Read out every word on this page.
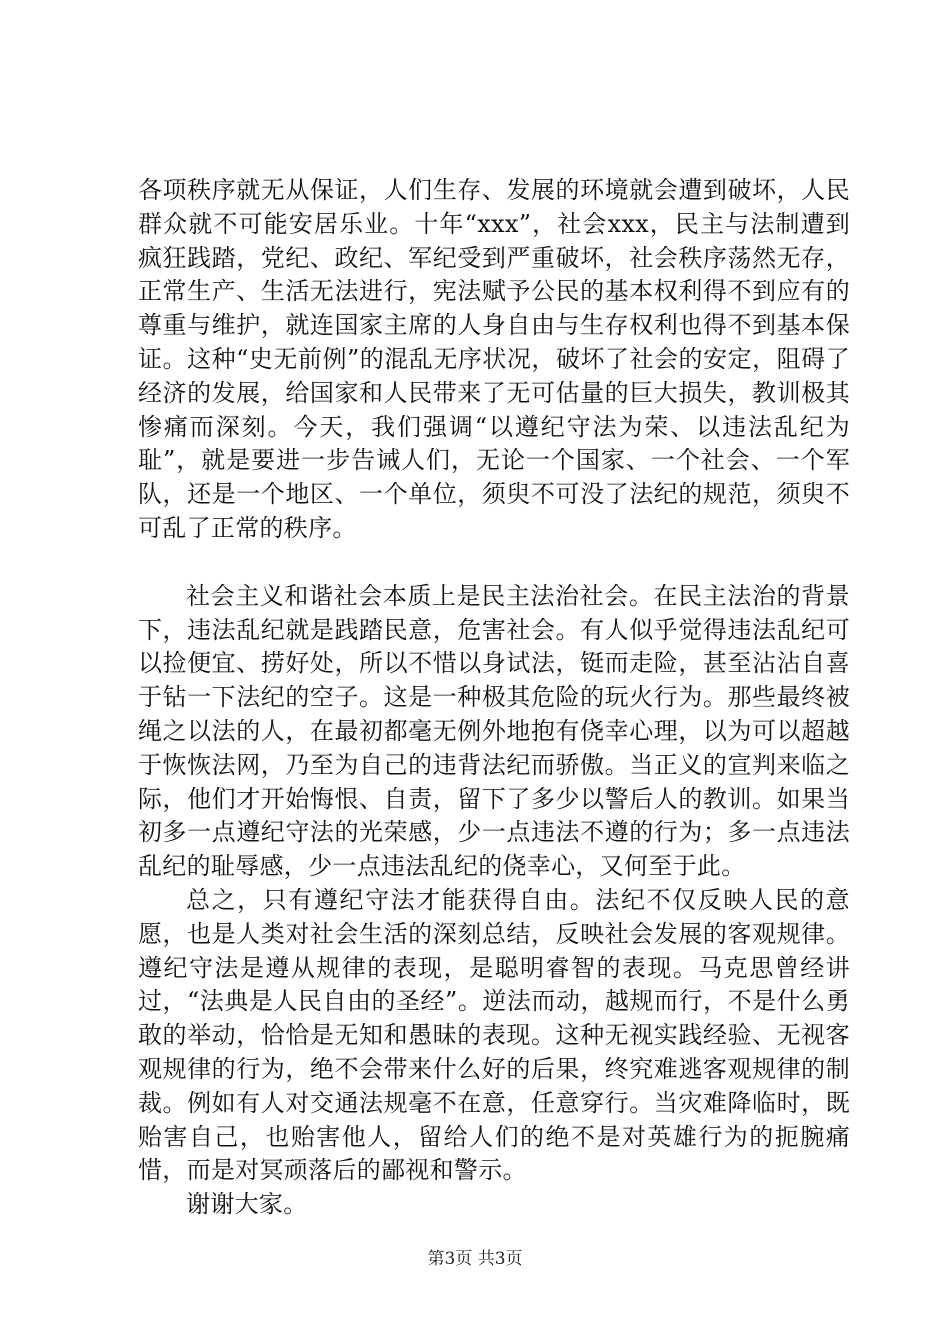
各项秩序就无从保证，人们生存、发展的环境就会遭到破坏，人民群众就不可能安居乐业。十年“xxx”，社会xxx，民主与法制遭到疯狂践踏，党纪、政纪、军纪受到严重破坏，社会秩序荡然无存，正常生产、生活无法进行，宪法赋予公民的基本权利得不到应有的尊重与维护，就连国家主席的人身自由与生存权利也得不到基本保证。这种“史无前例”的混乱无序状况，破坏了社会的安定，阻碍了经济的发展，给国家和人民带来了无可估量的巨大损失，教训极其惨痛而深刻。今天，我们强调“以遵纪守法为荣、以违法乱纪为耻”，就是要进一步告诫人们，无论一个国家、一个社会、一个军队，还是一个地区、一个单位，须臾不可没了法纪的规范，须臾不可乱了正常的秩序。

社会主义和谐社会本质上是民主法治社会。在民主法治的背景下，违法乱纪就是践踏民意，危害社会。有人似乎觉得违法乱纪可以捡便宜、捞好处，所以不惜以身试法，铤而走险，甚至沾沾自喜于钻一下法纪的空子。这是一种极其危险的玩火行为。那些最终被绳之以法的人，在最初都毫无例外地抱有侥幸心理，以为可以超越于恢恢法网，乃至为自己的违背法纪而骄傲。当正义的宣判来临之际，他们才开始悔恨、自责，留下了多少以警后人的教训。如果当初多一点遵纪守法的光荣感，少一点违法不遵的行为；多一点违法乱纪的耻辱感，少一点违法乱纪的侥幸心，又何至于此。

总之，只有遵纪守法才能获得自由。法纪不仅反映人民的意愿，也是人类对社会生活的深刻总结，反映社会发展的客观规律。遵纪守法是遵从规律的表现，是聪明睿智的表现。马克思曾经讲过，“法典是人民自由的圣经”。逆法而动，越规而行，不是什么勇敢的举动，恰恰是无知和愚昧的表现。这种无视实践经验、无视客观规律的行为，绝不会带来什么好的后果，终究难逃客观规律的制裁。例如有人对交通法规毫不在意，任意穿行。当灾难降临时，既贻害自己，也贻害他人，留给人们的绝不是对英雄行为的扼腕痛惜，而是对冥顽落后的鄙视和警示。

谢谢大家。

第3页 共3页
